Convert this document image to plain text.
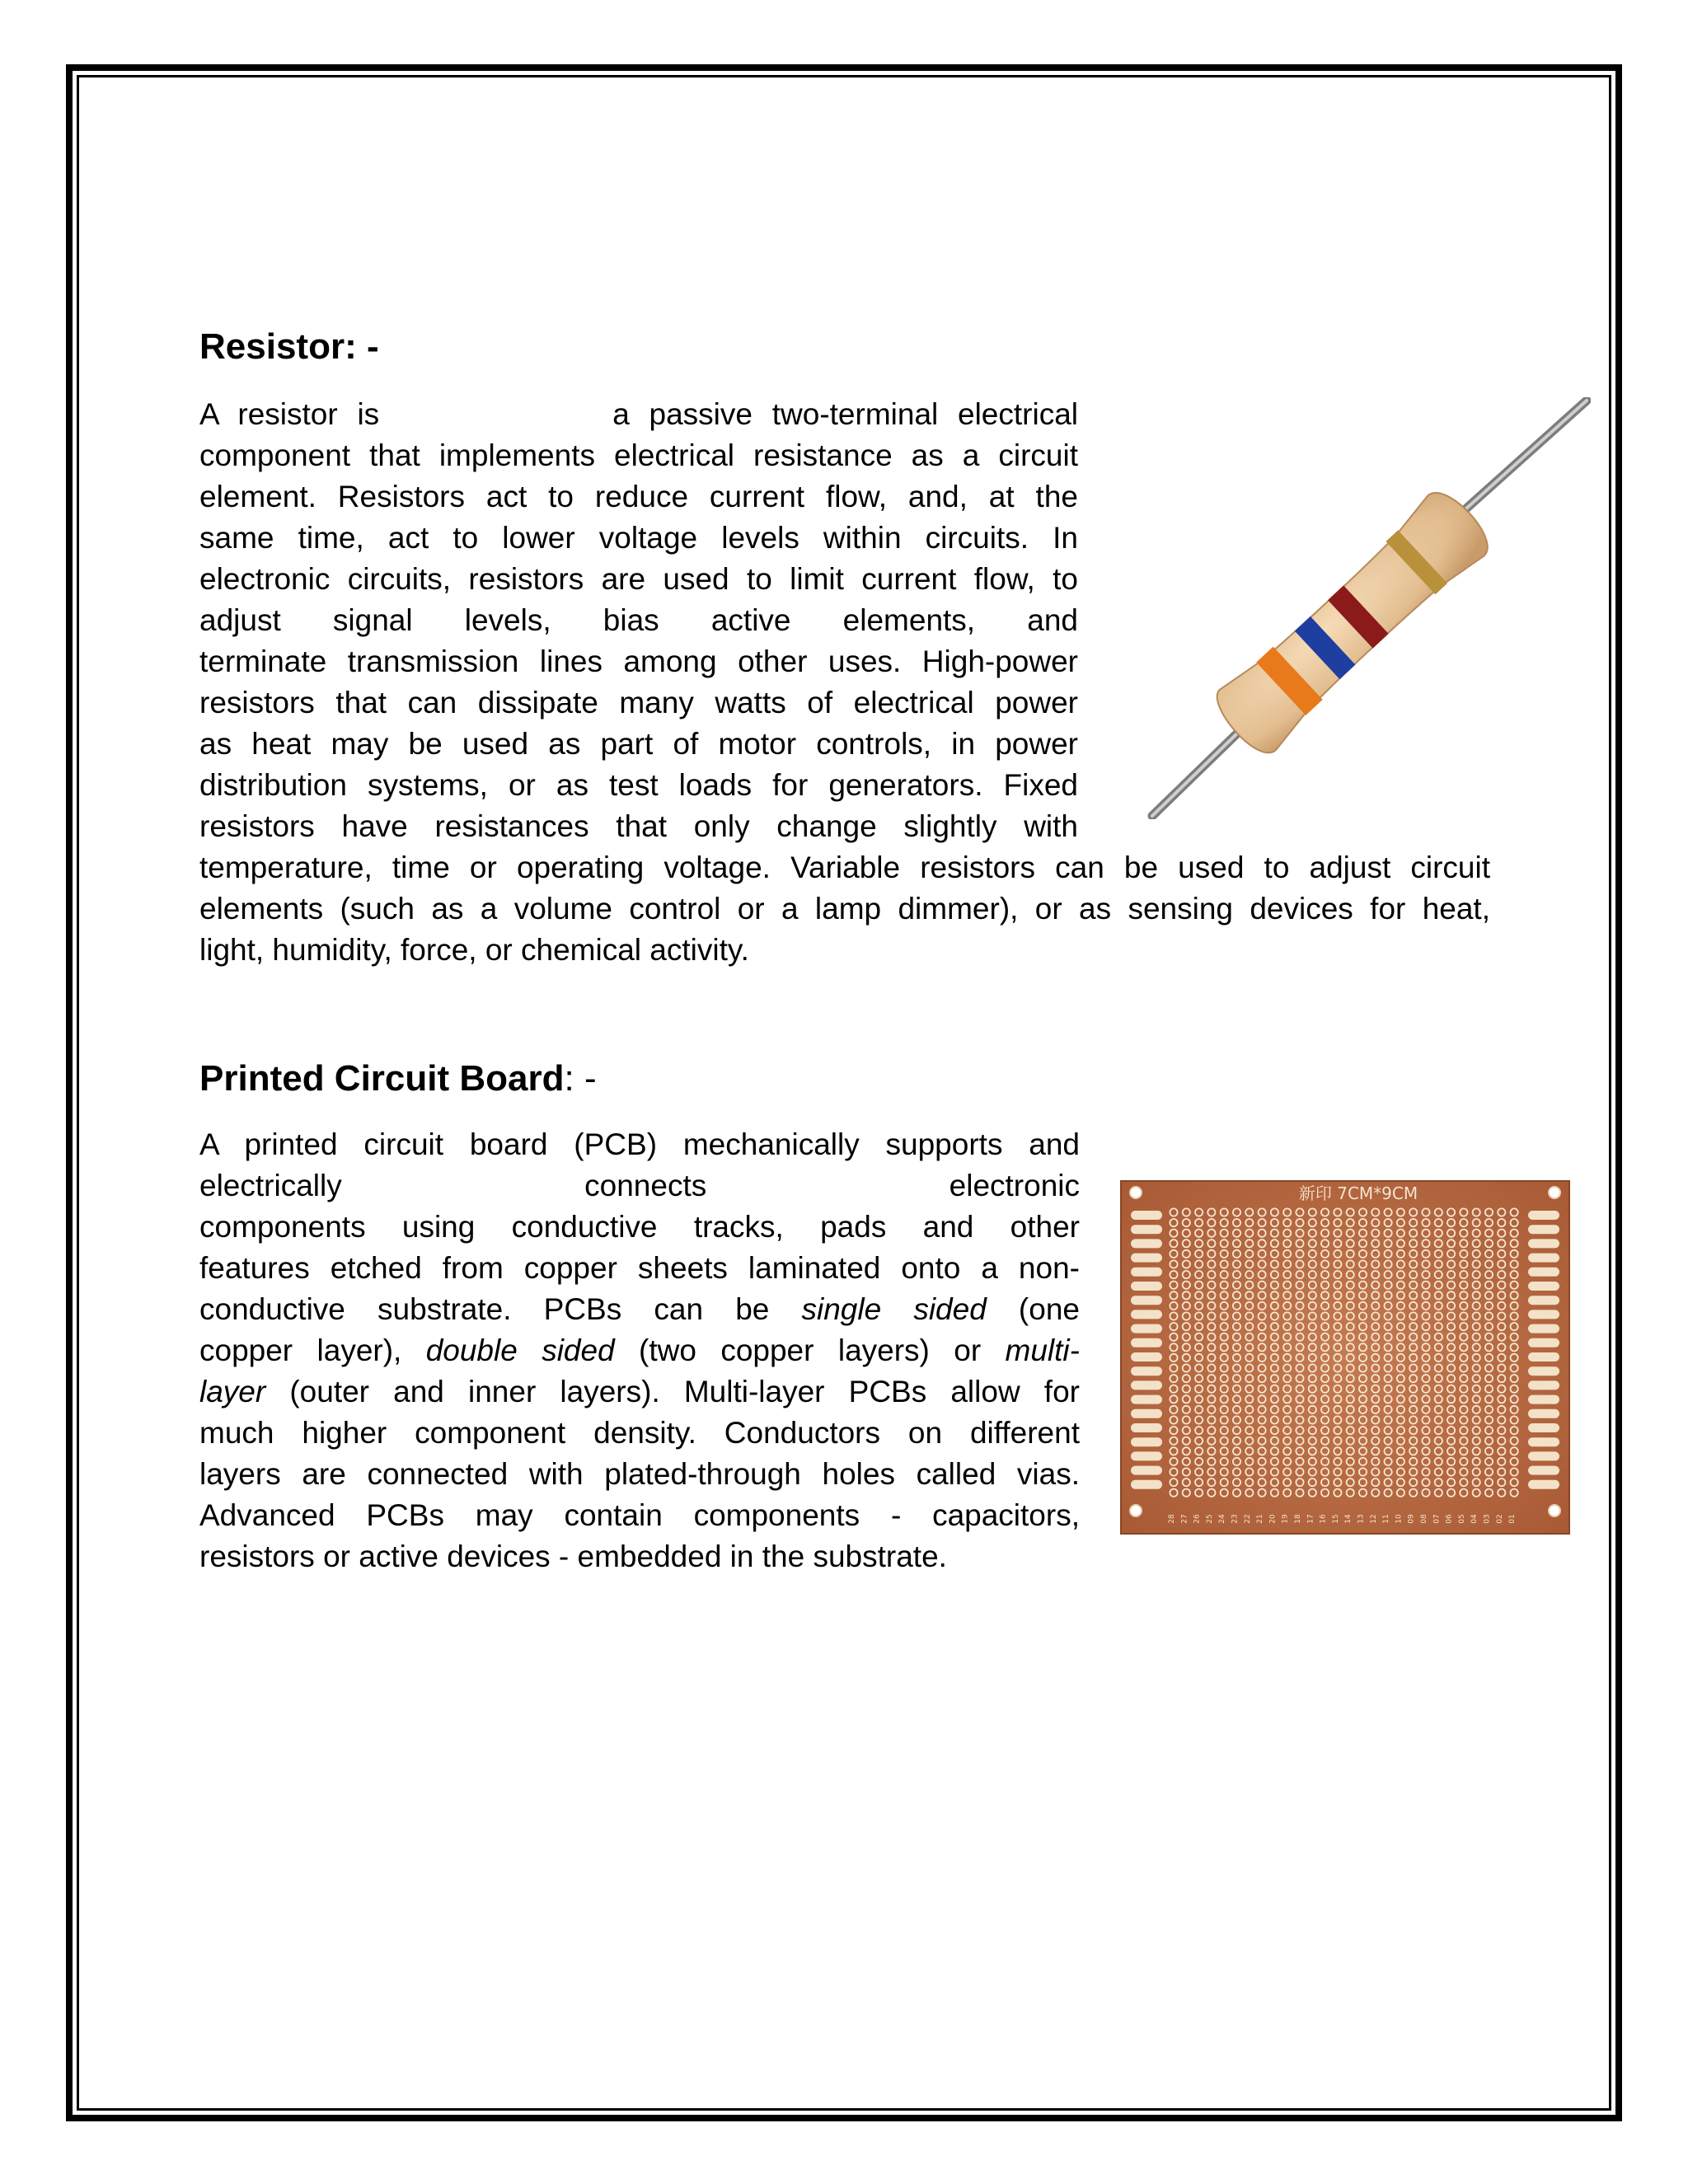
Resistor: -
A resistor is	a passive two-terminal electrical
component that implements electrical resistance as a circuit
element. Resistors act to reduce current flow, and, at the
same time, act to lower voltage levels within circuits. In
electronic circuits, resistors are used to limit current flow, to
adjust signal levels, bias active elements, and
terminate transmission lines among other uses. High-power
resistors that can dissipate many watts of electrical power
as heat may be used as part of motor controls, in power
distribution systems, or as test loads for generators. Fixed
resistors have resistances that only change slightly with
temperature, time or operating voltage. Variable resistors can be used to adjust circuit
elements (such as a volume control or a lamp dimmer), or as sensing devices for heat,
light, humidity, force, or chemical activity.
Printed Circuit Board: -
A printed circuit board (PCB) mechanically supports and
electrically connects electronic
components using conductive tracks, pads and other
features etched from copper sheets laminated onto a non-
conductive substrate. PCBs can be single sided (one
copper layer), double sided (two copper layers) or multi-
layer (outer and inner layers). Multi-layer PCBs allow for
much higher component density. Conductors on different
layers are connected with plated-through holes called vias.
Advanced PCBs may contain components - capacitors,
resistors or active devices - embedded in the substrate.
新印 7CM*9CM
28 27 26 25 24 23 22 21 20 19 18 17 16 15 14 13 12 11 10 09 08 07 06 05 04 03 02 01
